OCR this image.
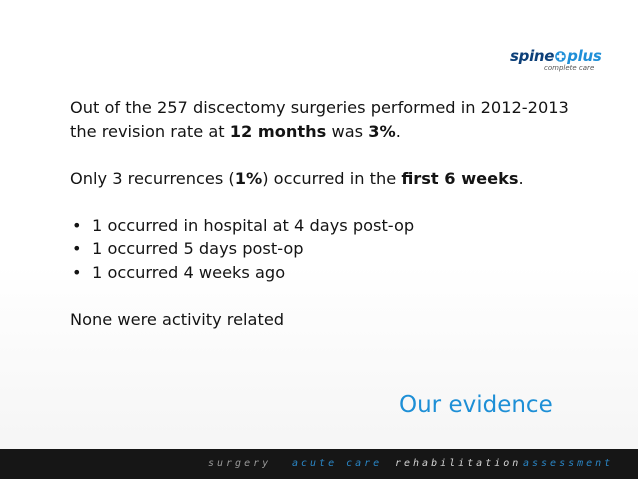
spine plus
complete care

Out of the 257 discectomy surgeries performed in 2012-2013 the revision rate at 12 months was 3%.

Only 3 recurrences (1%) occurred in the first 6 weeks.

• 1 occurred in hospital at 4 days post-op
• 1 occurred 5 days post-op
• 1 occurred 4 weeks ago

None were activity related

Our evidence
surgery acute care rehabilitation assessment
